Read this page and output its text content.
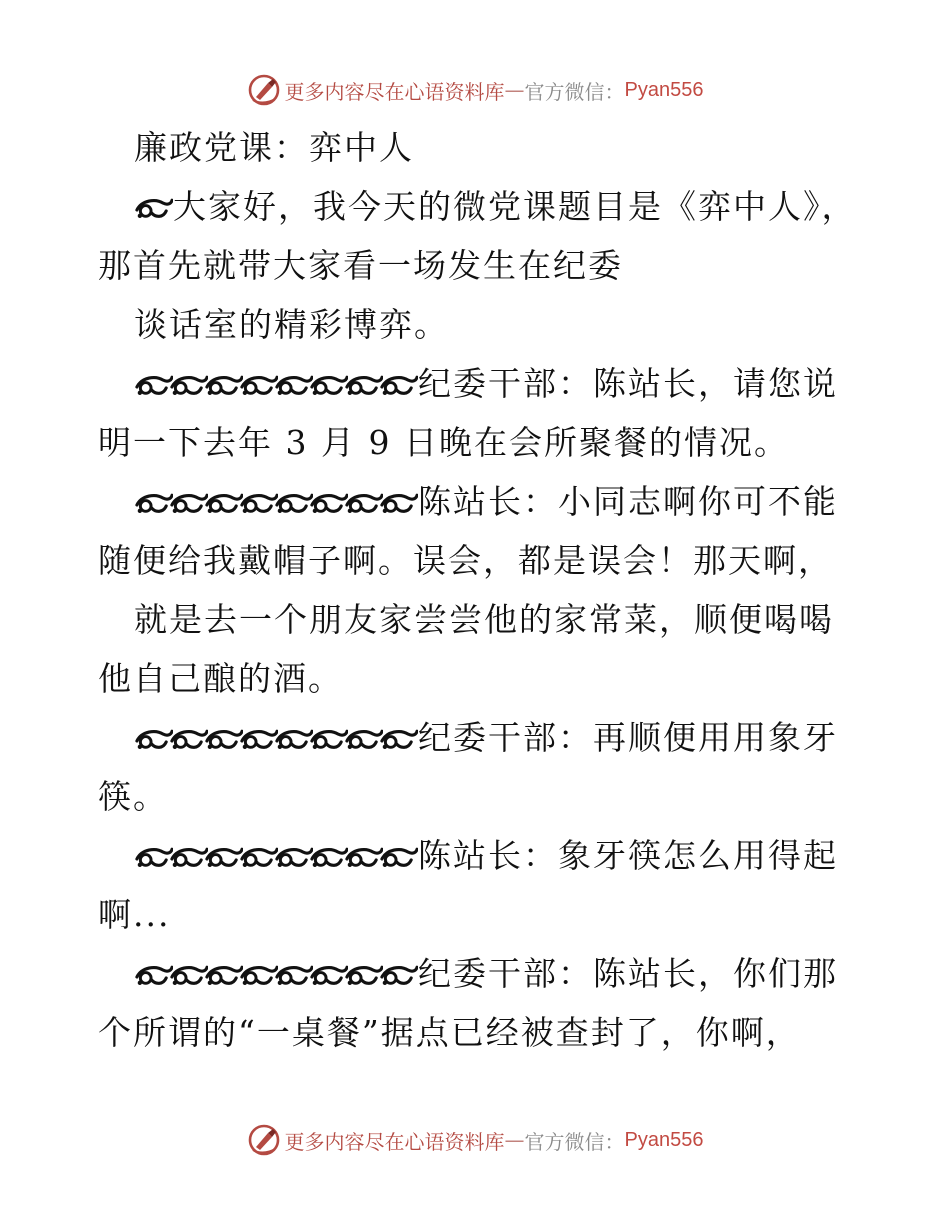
更多内容尽在心语资料库 — 官方微信： Pyan556

廉政党课：弈中人

大家好，我今天的微党课题目是《弈中人》，那首先就带大家看一场发生在纪委

谈话室的精彩博弈。

纪委干部：陈站长，请您说明一下去年 3 月 9 日晚在会所聚餐的情况。

陈站长：小同志啊你可不能随便给我戴帽子啊。误会，都是误会！那天啊，

就是去一个朋友家尝尝他的家常菜，顺便喝喝他自己酿的酒。

纪委干部：再顺便用用象牙筷。

陈站长：象牙筷怎么用得起啊...

纪委干部：陈站长，你们那个所谓的“一桌餐”据点已经被查封了，你啊，

更多内容尽在心语资料库 — 官方微信： Pyan556
